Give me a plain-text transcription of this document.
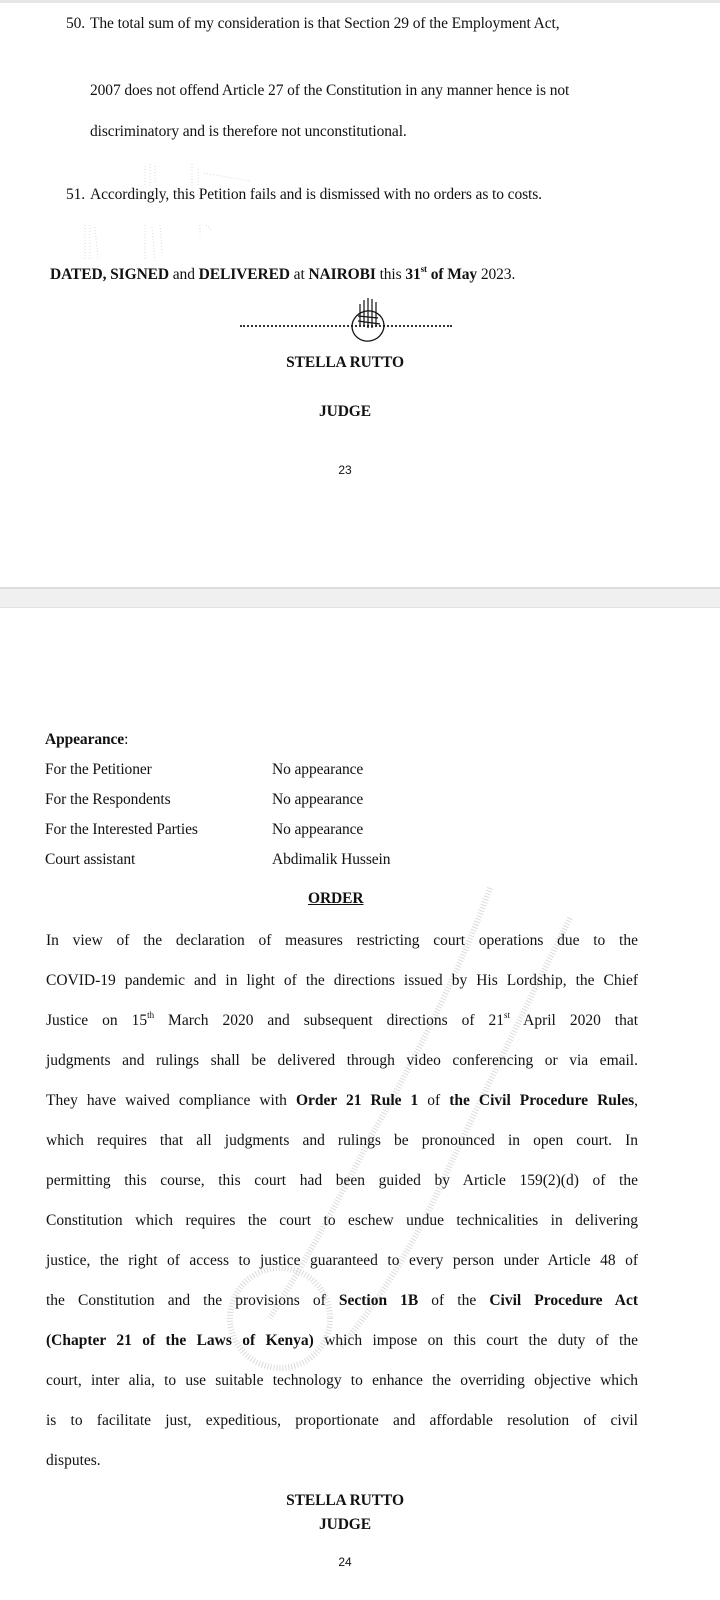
50. The total sum of my consideration is that Section 29 of the Employment Act,
2007 does not offend Article 27 of the Constitution in any manner hence is not
discriminatory and is therefore not unconstitutional.
51. Accordingly, this Petition fails and is dismissed with no orders as to costs.
DATED, SIGNED and DELIVERED at NAIROBI this 31st of May 2023.
STELLA RUTTO
JUDGE
23
Appearance:
For the Petitioner	No appearance
For the Respondents	No appearance
For the Interested Parties	No appearance
Court assistant	Abdimalik Hussein
ORDER
In view of the declaration of measures restricting court operations due to the
COVID-19 pandemic and in light of the directions issued by His Lordship, the Chief
Justice on 15th March 2020 and subsequent directions of 21st April 2020 that
judgments and rulings shall be delivered through video conferencing or via email.
They have waived compliance with Order 21 Rule 1 of the Civil Procedure Rules,
which requires that all judgments and rulings be pronounced in open court. In
permitting this course, this court had been guided by Article 159(2)(d) of the
Constitution which requires the court to eschew undue technicalities in delivering
justice, the right of access to justice guaranteed to every person under Article 48 of
the Constitution and the provisions of Section 1B of the Civil Procedure Act
(Chapter 21 of the Laws of Kenya) which impose on this court the duty of the
court, inter alia, to use suitable technology to enhance the overriding objective which
is to facilitate just, expeditious, proportionate and affordable resolution of civil
disputes.
STELLA RUTTO
JUDGE
24
